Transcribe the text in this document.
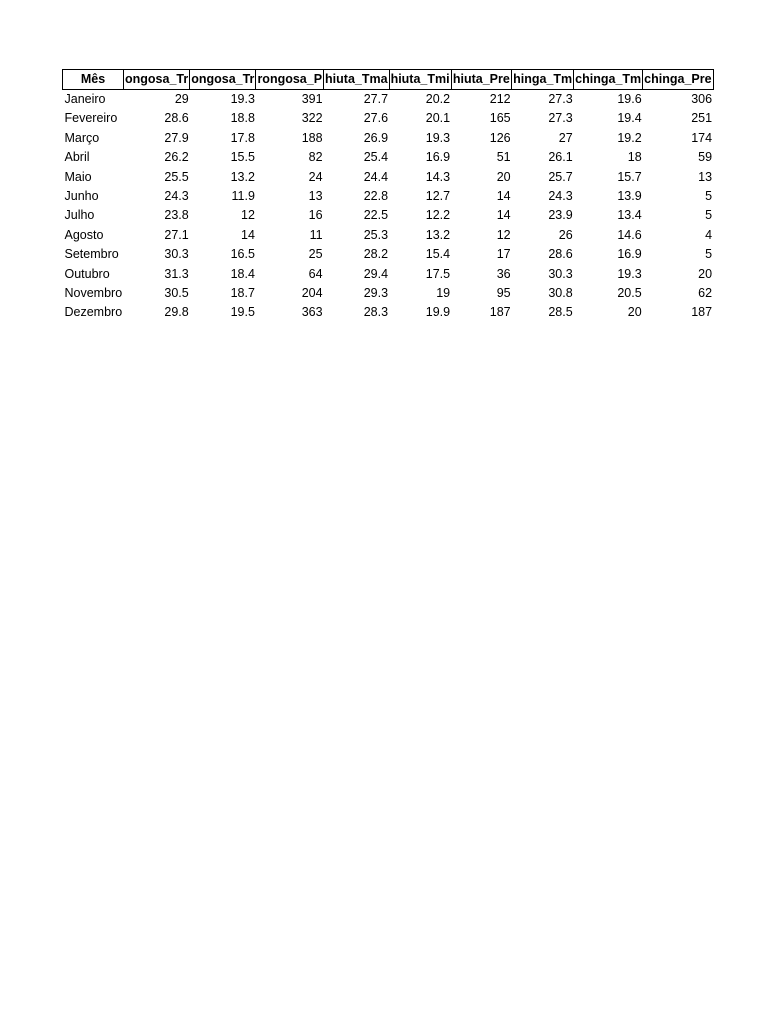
Mês	ongosa_Tr	ongosa_Tr	rongosa_P	hiuta_Tma	hiuta_Tmi	hiuta_Pre	hinga_Tm	chinga_Tm	chinga_Pre
Janeiro	29	19.3	391	27.7	20.2	212	27.3	19.6	306
Fevereiro	28.6	18.8	322	27.6	20.1	165	27.3	19.4	251
Março	27.9	17.8	188	26.9	19.3	126	27	19.2	174
Abril	26.2	15.5	82	25.4	16.9	51	26.1	18	59
Maio	25.5	13.2	24	24.4	14.3	20	25.7	15.7	13
Junho	24.3	11.9	13	22.8	12.7	14	24.3	13.9	5
Julho	23.8	12	16	22.5	12.2	14	23.9	13.4	5
Agosto	27.1	14	11	25.3	13.2	12	26	14.6	4
Setembro	30.3	16.5	25	28.2	15.4	17	28.6	16.9	5
Outubro	31.3	18.4	64	29.4	17.5	36	30.3	19.3	20
Novembro	30.5	18.7	204	29.3	19	95	30.8	20.5	62
Dezembro	29.8	19.5	363	28.3	19.9	187	28.5	20	187
